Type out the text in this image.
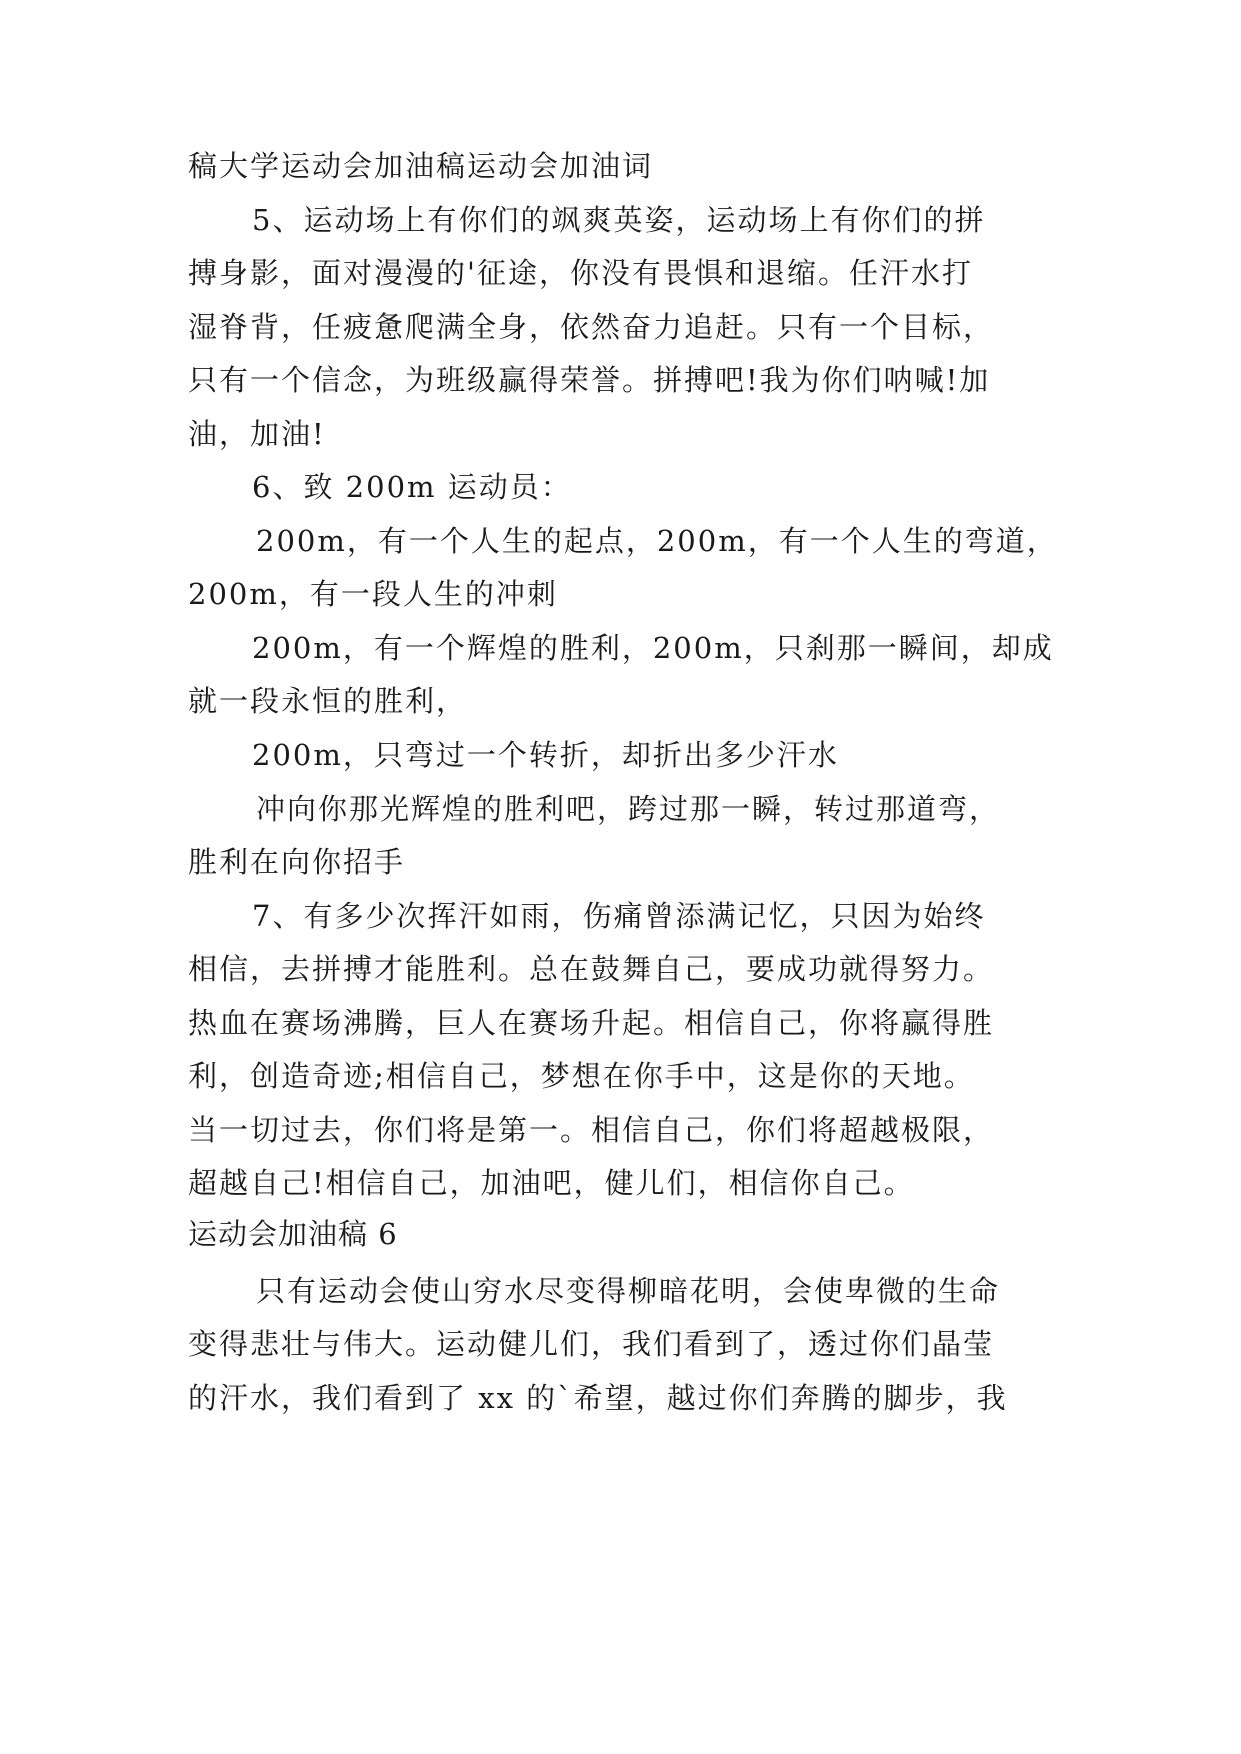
稿大学运动会加油稿运动会加油词
5、运动场上有你们的飒爽英姿，运动场上有你们的拼
搏身影，面对漫漫的'征途，你没有畏惧和退缩。任汗水打
湿脊背，任疲惫爬满全身，依然奋力追赶。只有一个目标，
只有一个信念，为班级赢得荣誉。拼搏吧!我为你们呐喊!加
油，加油!
6、致 200m 运动员：
200m，有一个人生的起点，200m，有一个人生的弯道，
200m，有一段人生的冲刺
200m，有一个辉煌的胜利，200m，只刹那一瞬间，却成
就一段永恒的胜利，
200m，只弯过一个转折，却折出多少汗水
冲向你那光辉煌的胜利吧，跨过那一瞬，转过那道弯，
胜利在向你招手
7、有多少次挥汗如雨，伤痛曾添满记忆，只因为始终
相信，去拼搏才能胜利。总在鼓舞自己，要成功就得努力。
热血在赛场沸腾，巨人在赛场升起。相信自己，你将赢得胜
利，创造奇迹;相信自己，梦想在你手中，这是你的天地。
当一切过去，你们将是第一。相信自己，你们将超越极限，
超越自己!相信自己，加油吧，健儿们，相信你自己。
运动会加油稿 6
只有运动会使山穷水尽变得柳暗花明，会使卑微的生命
变得悲壮与伟大。运动健儿们，我们看到了，透过你们晶莹
的汗水，我们看到了 xx 的`希望，越过你们奔腾的脚步，我
